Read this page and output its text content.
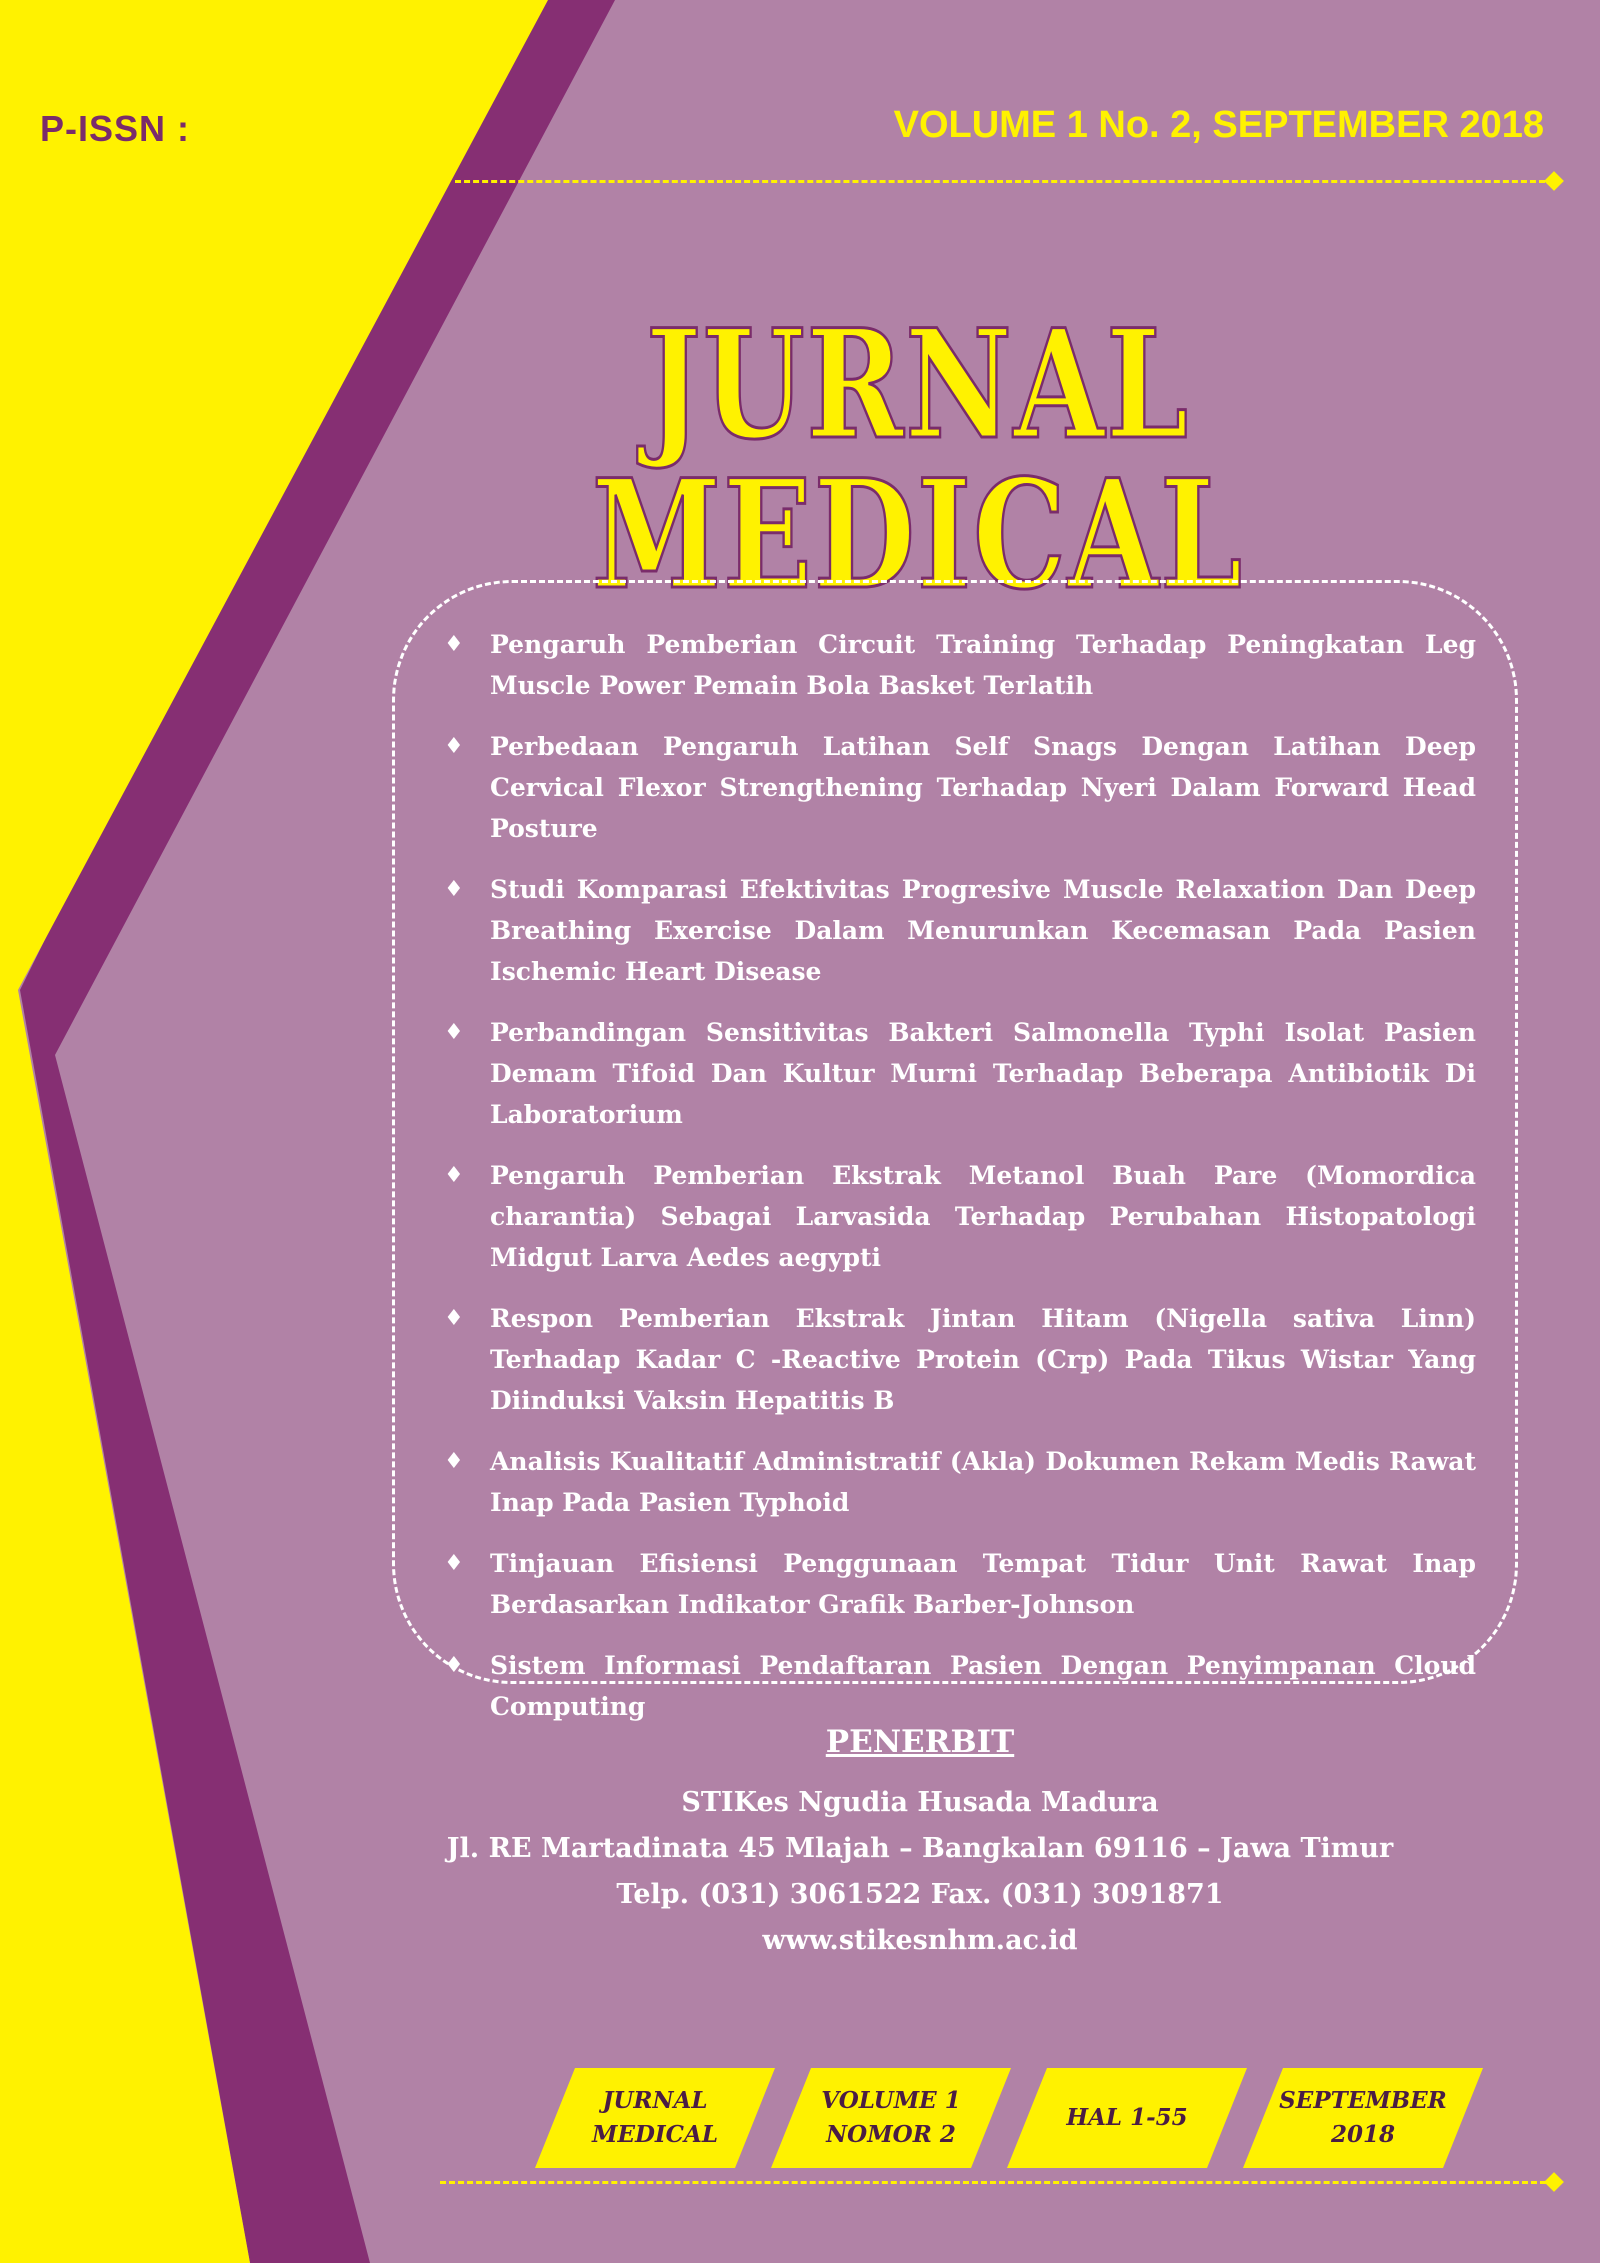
P-ISSN :	VOLUME 1 No. 2, SEPTEMBER 2018
JURNAL MEDICAL
♦ Pengaruh Pemberian Circuit Training Terhadap Peningkatan Leg Muscle Power Pemain Bola Basket Terlatih
♦ Perbedaan Pengaruh Latihan Self Snags Dengan Latihan Deep Cervical Flexor Strengthening Terhadap Nyeri Dalam Forward Head Posture
♦ Studi Komparasi Efektivitas Progresive Muscle Relaxation Dan Deep Breathing Exercise Dalam Menurunkan Kecemasan Pada Pasien Ischemic Heart Disease
♦ Perbandingan Sensitivitas Bakteri Salmonella Typhi Isolat Pasien Demam Tifoid Dan Kultur Murni Terhadap Beberapa Antibiotik Di Laboratorium
♦ Pengaruh Pemberian Ekstrak Metanol Buah Pare (Momordica charantia) Sebagai Larvasida Terhadap Perubahan Histopatologi Midgut Larva Aedes aegypti
♦ Respon Pemberian Ekstrak Jintan Hitam (Nigella sativa Linn) Terhadap Kadar C -Reactive Protein (Crp) Pada Tikus Wistar Yang Diinduksi Vaksin Hepatitis B
♦ Analisis Kualitatif Administratif (Akla) Dokumen Rekam Medis Rawat Inap Pada Pasien Typhoid
♦ Tinjauan Efisiensi Penggunaan Tempat Tidur Unit Rawat Inap Berdasarkan Indikator Grafik Barber-Johnson
♦ Sistem Informasi Pendaftaran Pasien Dengan Penyimpanan Cloud Computing
PENERBIT
STIKes Ngudia Husada Madura
Jl. RE Martadinata 45 Mlajah – Bangkalan 69116 – Jawa Timur
Telp. (031) 3061522 Fax. (031) 3091871
www.stikesnhm.ac.id
JURNAL
MEDICAL
VOLUME 1
NOMOR 2
HAL 1-55
SEPTEMBER
2018
